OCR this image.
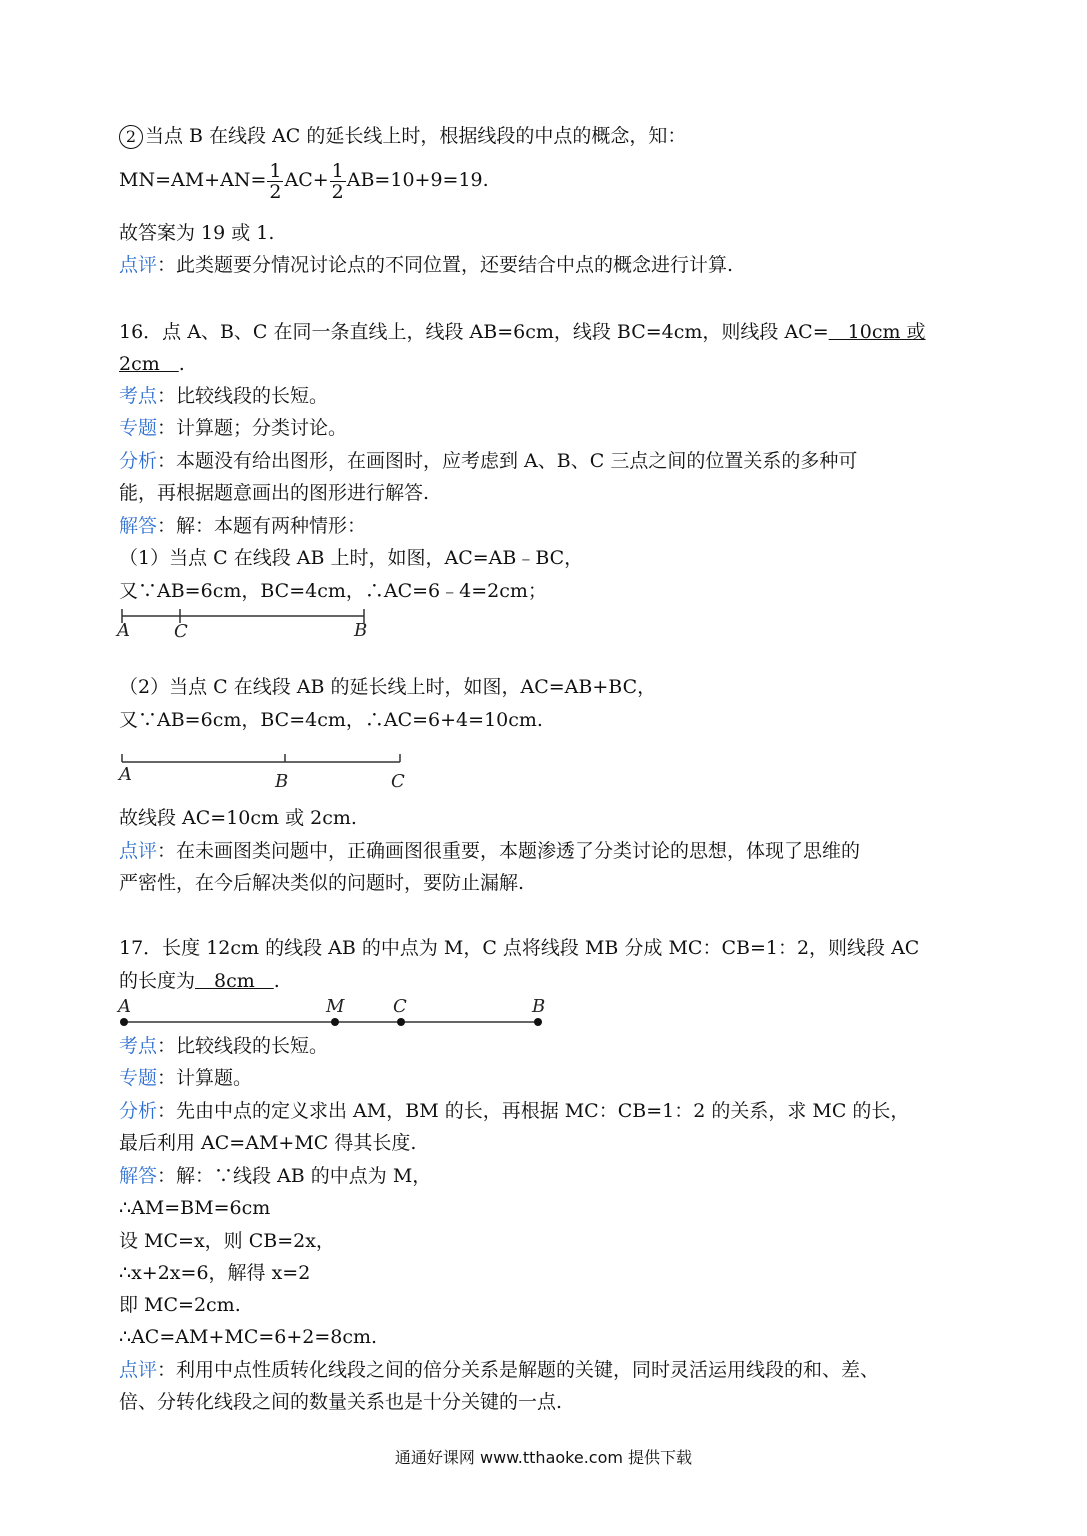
2 当点 B 在线段 AC 的延长线上时，根据线段的中点的概念，知：
$MN=AM+AN= \frac{1}{2} AC+ \frac{1}{2} AB=10+9=19$.
故答案为 19 或 1.
点评：此类题要分情况讨论点的不同位置，还要结合中点的概念进行计算.
16．点 A、B、C 在同一条直线上，线段 AB=6cm，线段 BC=4cm，则线段 AC=　10cm 或
2cm　.
考点：比较线段的长短。
专题：计算题；分类讨论。
分析：本题没有给出图形，在画图时，应考虑到 A、B、C 三点之间的位置关系的多种可
能，再根据题意画出的图形进行解答.
解答：解：本题有两种情形：
（1）当点 C 在线段 AB 上时，如图，AC=AB﹣BC，
又∵AB=6cm，BC=4cm，∴AC=6﹣4=2cm；
A C	B
（2）当点 C 在线段 AB 的延长线上时，如图，AC=AB+BC，
又∵AB=6cm，BC=4cm，∴AC=6+4=10cm.
A	B	C
故线段 AC=10cm 或 2cm.
点评：在未画图类问题中，正确画图很重要，本题渗透了分类讨论的思想，体现了思维的
严密性，在今后解决类似的问题时，要防止漏解.
17．长度 12cm 的线段 AB 的中点为 M，C 点将线段 MB 分成 MC：CB=1：2，则线段 AC
的长度为　8cm　.
A	M	C	B
考点：比较线段的长短。
专题：计算题。
分析：先由中点的定义求出 AM，BM 的长，再根据 MC：CB=1：2 的关系，求 MC 的长，
最后利用 AC=AM+MC 得其长度.
解答：解：∵线段 AB 的中点为 M，
∴AM=BM=6cm
设 MC=x，则 CB=2x，
∴x+2x=6，解得 x=2
即 MC=2cm.
∴AC=AM+MC=6+2=8cm.
点评：利用中点性质转化线段之间的倍分关系是解题的关键，同时灵活运用线段的和、差、
倍、分转化线段之间的数量关系也是十分关键的一点.
通通好课网 www.tthaoke.com 提供下载
